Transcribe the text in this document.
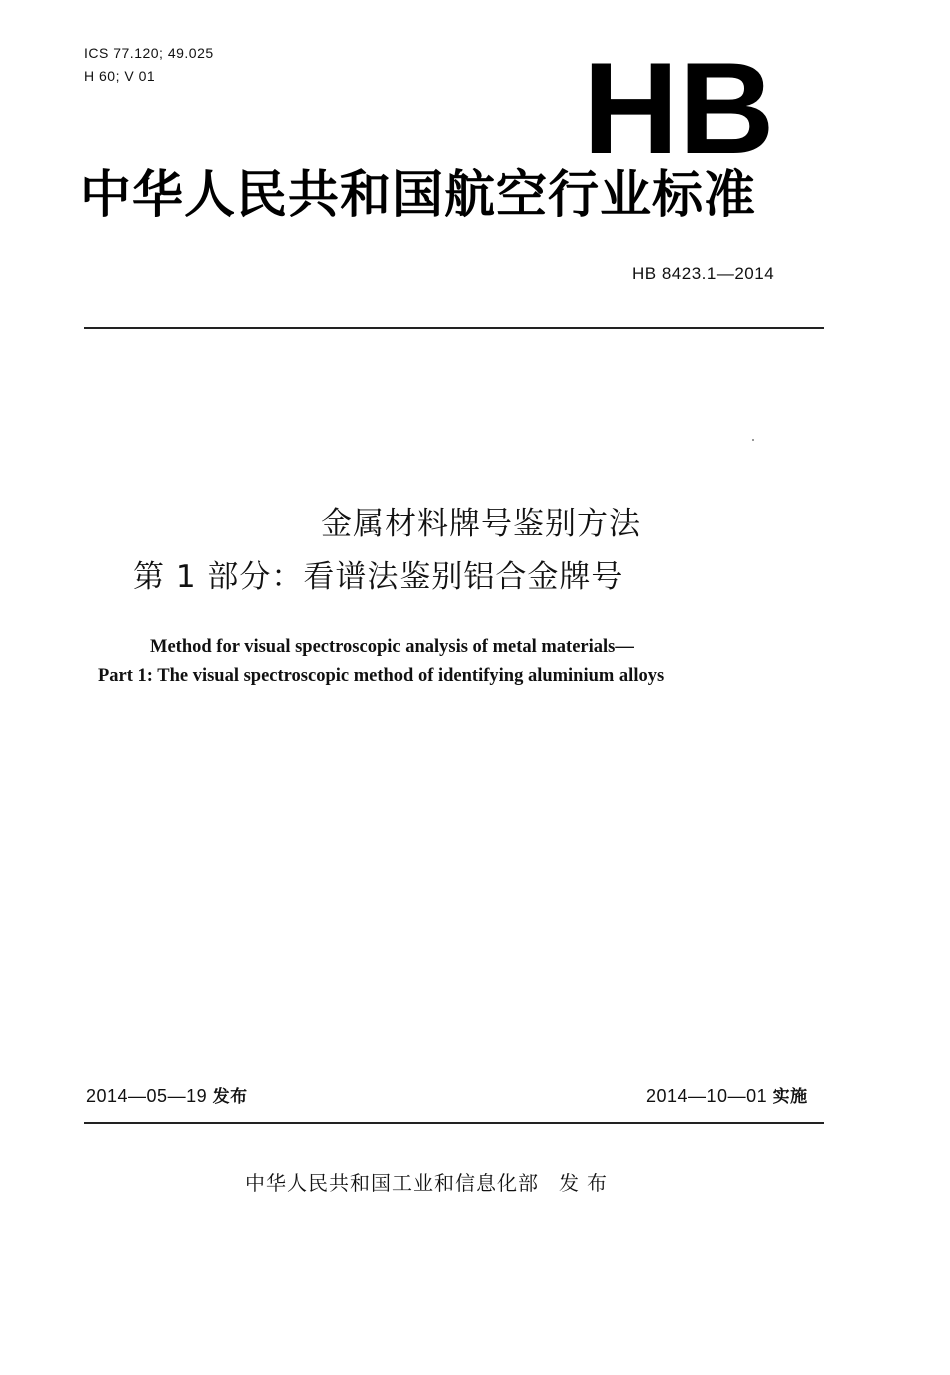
ICS 77.120; 49.025
H 60; V 01	HB
中华人民共和国航空行业标准
HB 8423.1—2014
金属材料牌号鉴别方法
第 1 部分：看谱法鉴别铝合金牌号
Method for visual spectroscopic analysis of metal materials—
Part 1: The visual spectroscopic method of identifying aluminium alloys
2014—05—19 发布	2014—10—01 实施
中华人民共和国工业和信息化部 发布
